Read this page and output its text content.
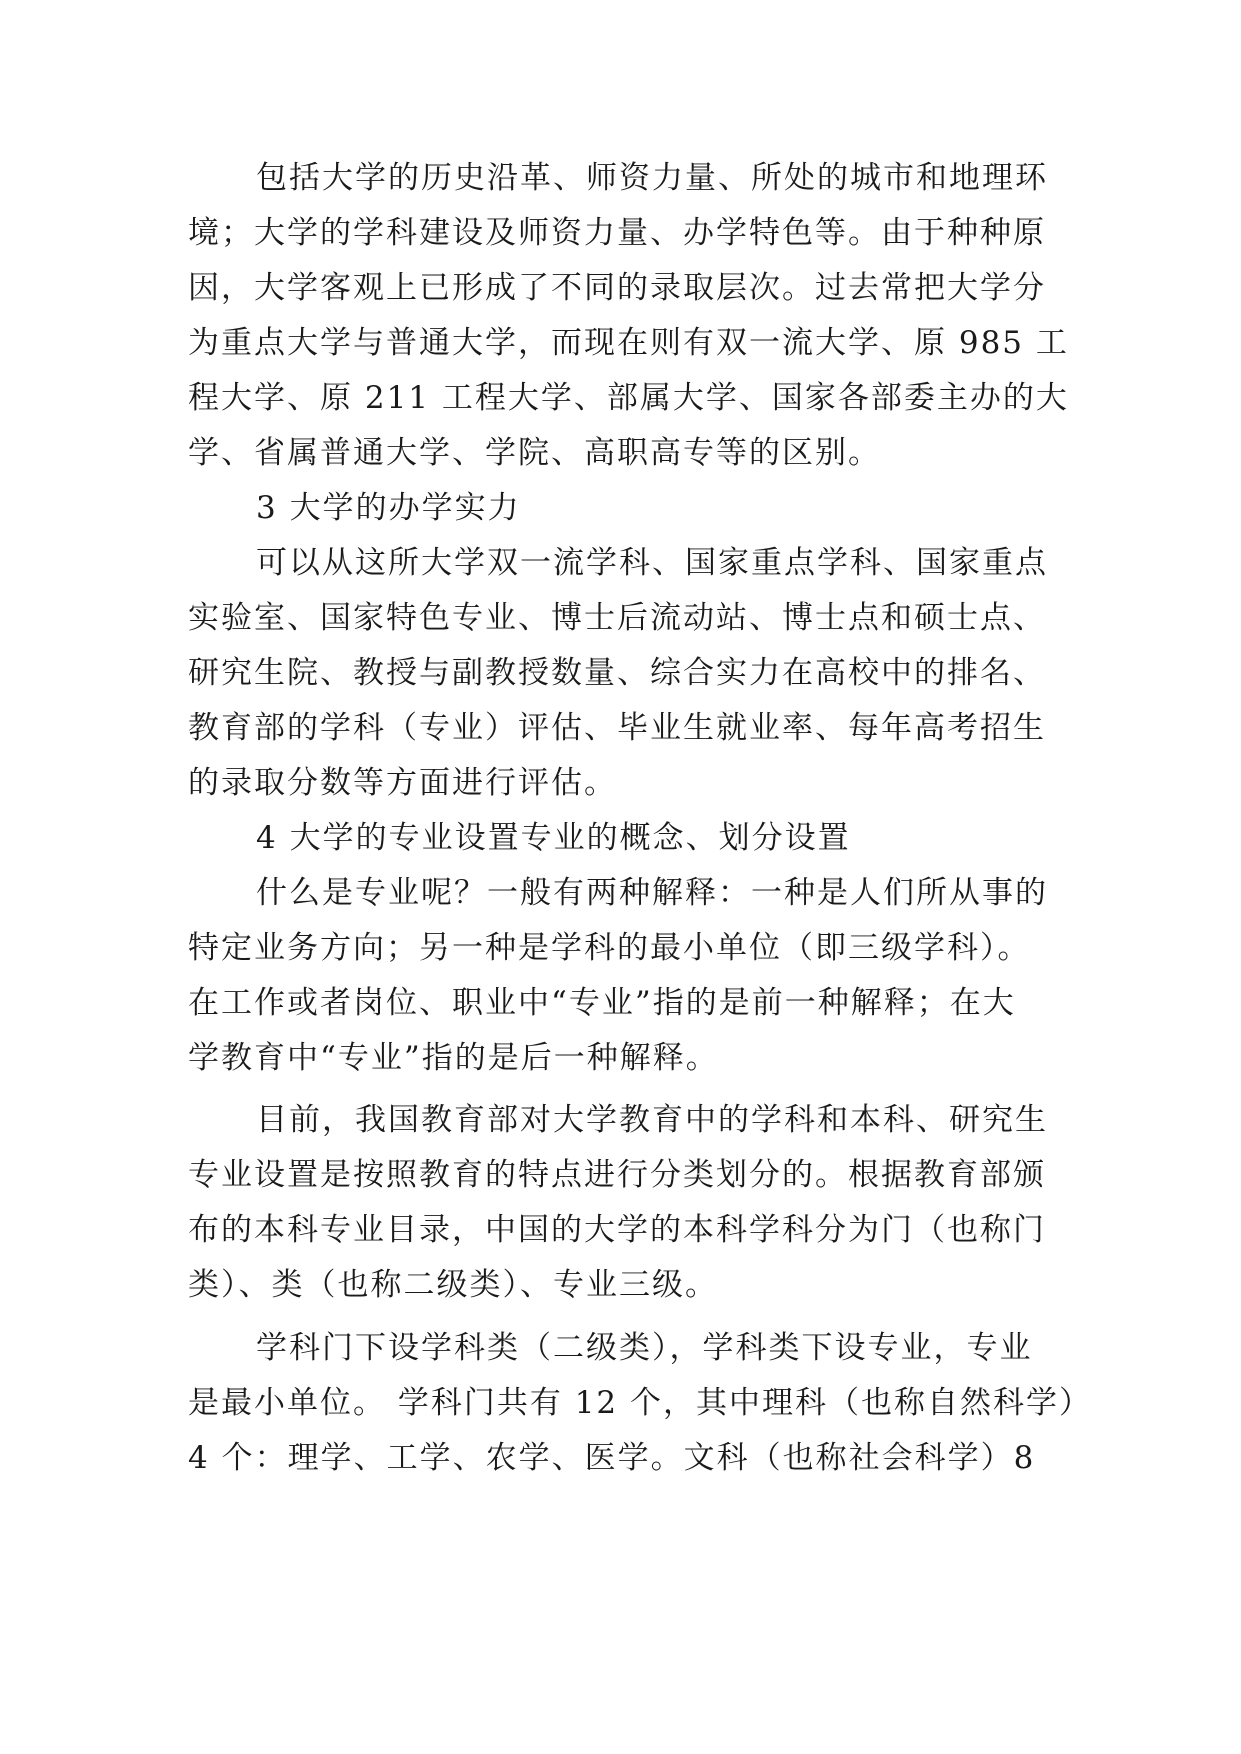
包括大学的历史沿革、师资力量、所处的城市和地理环
境；大学的学科建设及师资力量、办学特色等。由于种种原
因，大学客观上已形成了不同的录取层次。过去常把大学分
为重点大学与普通大学，而现在则有双一流大学、原 985 工
程大学、原 211 工程大学、部属大学、国家各部委主办的大
学、省属普通大学、学院、高职高专等的区别。
3 大学的办学实力
可以从这所大学双一流学科、国家重点学科、国家重点
实验室、国家特色专业、博士后流动站、博士点和硕士点、
研究生院、教授与副教授数量、综合实力在高校中的排名、
教育部的学科（专业）评估、毕业生就业率、每年高考招生
的录取分数等方面进行评估。
4 大学的专业设置专业的概念、划分设置
什么是专业呢？一般有两种解释：一种是人们所从事的
特定业务方向；另一种是学科的最小单位（即三级学科）。
在工作或者岗位、职业中“专业”指的是前一种解释；在大
学教育中“专业”指的是后一种解释。
目前，我国教育部对大学教育中的学科和本科、研究生
专业设置是按照教育的特点进行分类划分的。根据教育部颁
布的本科专业目录，中国的大学的本科学科分为门（也称门
类）、类（也称二级类）、专业三级。
学科门下设学科类（二级类），学科类下设专业，专业
是最小单位。 学科门共有 12 个，其中理科（也称自然科学）
4 个：理学、工学、农学、医学。文科（也称社会科学）8
